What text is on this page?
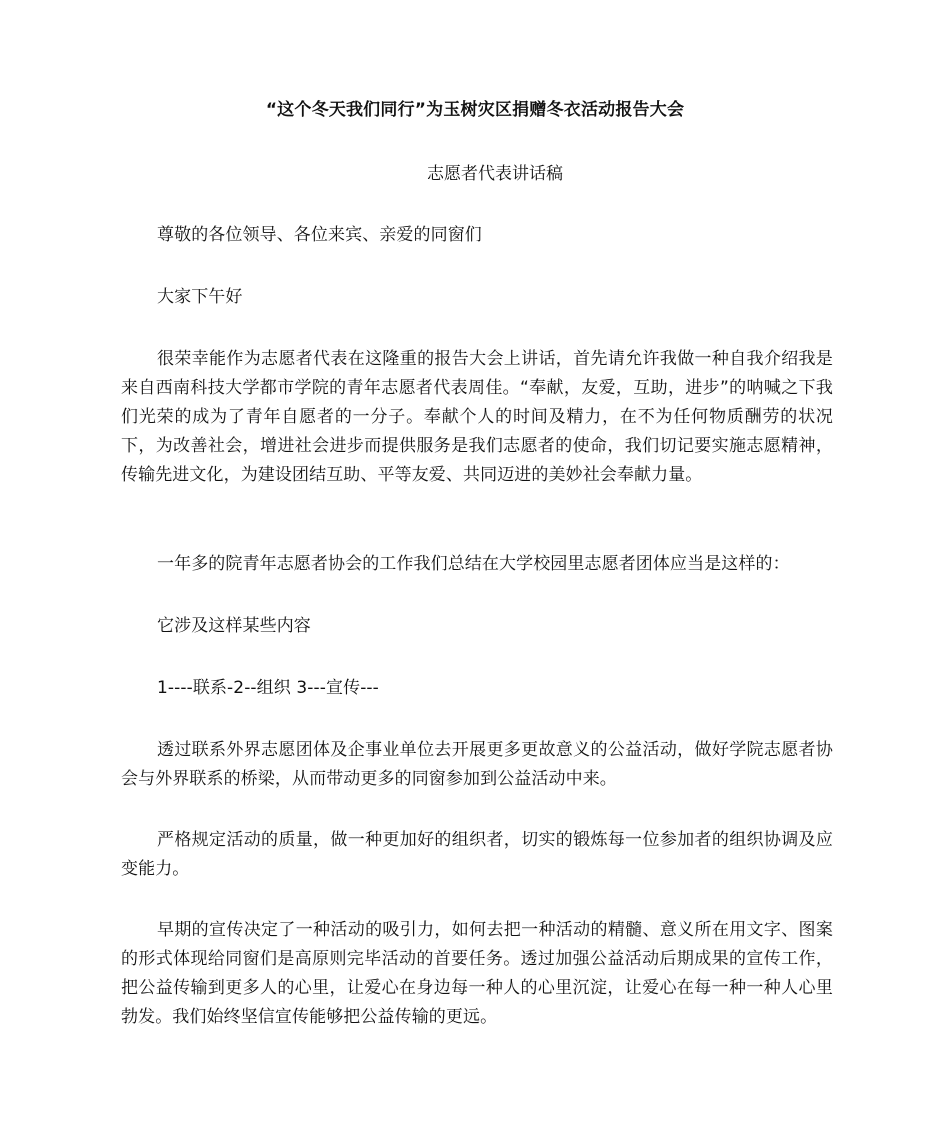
“这个冬天我们同行”为玉树灾区捐赠冬衣活动报告大会

志愿者代表讲话稿

尊敬的各位领导、各位来宾、亲爱的同窗们

大家下午好

很荣幸能作为志愿者代表在这隆重的报告大会上讲话，首先请允许我做一种自我介绍我是来自西南科技大学都市学院的青年志愿者代表周佳。“奉献，友爱，互助，进步”的呐喊之下我们光荣的成为了青年自愿者的一分子。奉献个人的时间及精力，在不为任何物质酬劳的状况下，为改善社会，增进社会进步而提供服务是我们志愿者的使命，我们切记要实施志愿精神，传输先进文化，为建设团结互助、平等友爱、共同迈进的美妙社会奉献力量。

一年多的院青年志愿者协会的工作我们总结在大学校园里志愿者团体应当是这样的：

它涉及这样某些内容

1----联系-2--组织 3---宣传---

透过联系外界志愿团体及企事业单位去开展更多更故意义的公益活动，做好学院志愿者协会与外界联系的桥梁，从而带动更多的同窗参加到公益活动中来。

严格规定活动的质量，做一种更加好的组织者，切实的锻炼每一位参加者的组织协调及应变能力。

早期的宣传决定了一种活动的吸引力，如何去把一种活动的精髓、意义所在用文字、图案的形式体现给同窗们是高原则完毕活动的首要任务。透过加强公益活动后期成果的宣传工作，把公益传输到更多人的心里，让爱心在身边每一种人的心里沉淀，让爱心在每一种一种人心里勃发。我们始终坚信宣传能够把公益传输的更远。
